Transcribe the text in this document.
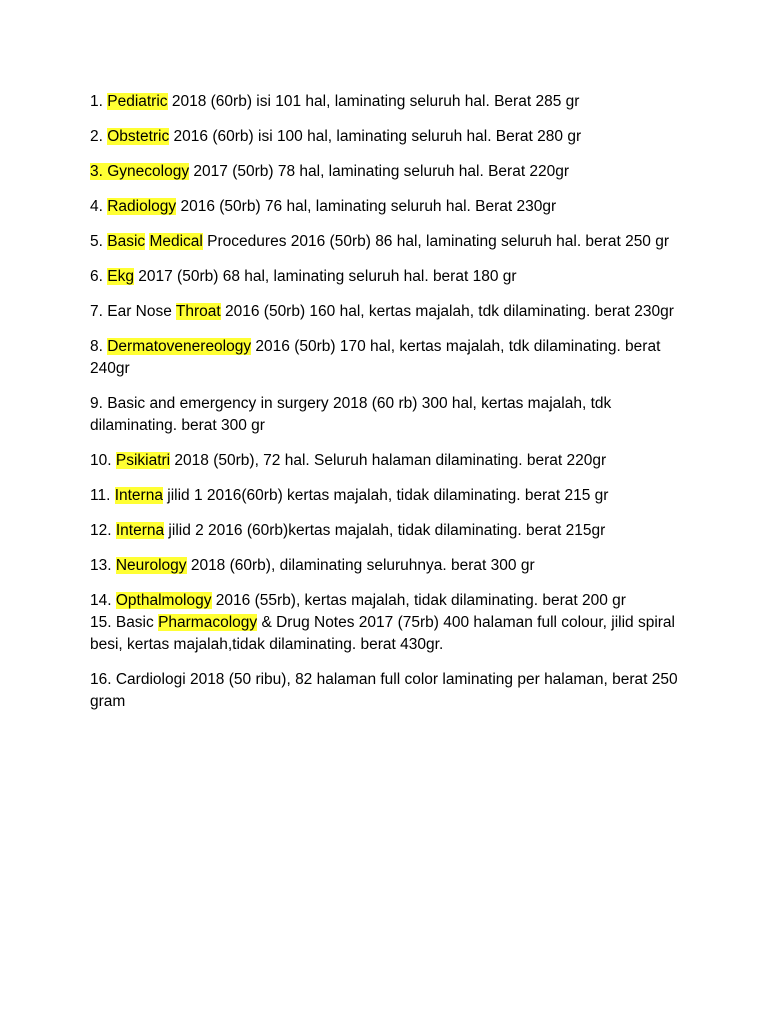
1. Pediatric 2018 (60rb) isi 101 hal, laminating seluruh hal. Berat 285 gr

2. Obstetric 2016 (60rb) isi 100 hal, laminating seluruh hal. Berat 280 gr

3. Gynecology 2017 (50rb) 78 hal, laminating seluruh hal. Berat 220gr

4. Radiology 2016 (50rb) 76 hal, laminating seluruh hal. Berat 230gr

5. Basic Medical Procedures 2016 (50rb) 86 hal, laminating seluruh hal. berat 250 gr

6. Ekg 2017 (50rb) 68 hal, laminating seluruh hal. berat 180 gr

7. Ear Nose Throat 2016 (50rb) 160 hal, kertas majalah, tdk dilaminating. berat 230gr

8. Dermatovenereology 2016 (50rb) 170 hal, kertas majalah, tdk dilaminating. berat 240gr

9. Basic and emergency in surgery 2018 (60 rb) 300 hal, kertas majalah, tdk dilaminating. berat 300 gr

10. Psikiatri 2018 (50rb), 72 hal. Seluruh halaman dilaminating. berat 220gr

11. Interna jilid 1 2016(60rb) kertas majalah, tidak dilaminating. berat 215 gr

12. Interna jilid 2 2016 (60rb)kertas majalah, tidak dilaminating. berat 215gr

13. Neurology 2018 (60rb), dilaminating seluruhnya. berat 300 gr

14. Opthalmology 2016 (55rb), kertas majalah, tidak dilaminating. berat 200 gr

15. Basic Pharmacology & Drug Notes 2017 (75rb) 400 halaman full colour, jilid spiral besi, kertas majalah,tidak dilaminating. berat 430gr.

16. Cardiologi 2018 (50 ribu), 82 halaman full color laminating per halaman, berat 250 gram
